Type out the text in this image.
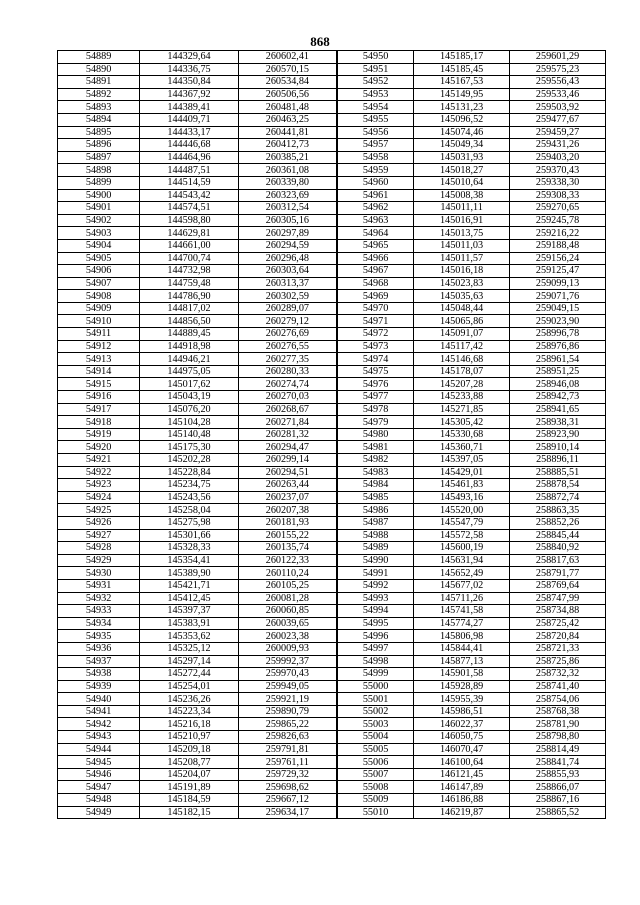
868
54889	144329,64	260602,41	54950	145185,17	259601,29
54890	144336,75	260570,15	54951	145185,45	259575,23
54891	144350,84	260534,84	54952	145167,53	259556,43
54892	144367,92	260506,56	54953	145149,95	259533,46
54893	144389,41	260481,48	54954	145131,23	259503,92
54894	144409,71	260463,25	54955	145096,52	259477,67
54895	144433,17	260441,81	54956	145074,46	259459,27
54896	144446,68	260412,73	54957	145049,34	259431,26
54897	144464,96	260385,21	54958	145031,93	259403,20
54898	144487,51	260361,08	54959	145018,27	259370,43
54899	144514,59	260339,80	54960	145010,64	259338,30
54900	144543,42	260323,69	54961	145008,38	259308,33
54901	144574,51	260312,54	54962	145011,11	259270,65
54902	144598,80	260305,16	54963	145016,91	259245,78
54903	144629,81	260297,89	54964	145013,75	259216,22
54904	144661,00	260294,59	54965	145011,03	259188,48
54905	144700,74	260296,48	54966	145011,57	259156,24
54906	144732,98	260303,64	54967	145016,18	259125,47
54907	144759,48	260313,37	54968	145023,83	259099,13
54908	144786,90	260302,59	54969	145035,63	259071,76
54909	144817,02	260289,07	54970	145048,44	259049,15
54910	144856,50	260279,12	54971	145065,86	259023,90
54911	144889,45	260276,69	54972	145091,07	258996,78
54912	144918,98	260276,55	54973	145117,42	258976,86
54913	144946,21	260277,35	54974	145146,68	258961,54
54914	144975,05	260280,33	54975	145178,07	258951,25
54915	145017,62	260274,74	54976	145207,28	258946,08
54916	145043,19	260270,03	54977	145233,88	258942,73
54917	145076,20	260268,67	54978	145271,85	258941,65
54918	145104,28	260271,84	54979	145305,42	258938,31
54919	145140,48	260281,32	54980	145330,68	258923,90
54920	145175,30	260294,47	54981	145360,71	258910,14
54921	145202,28	260299,14	54982	145397,05	258896,11
54922	145228,84	260294,51	54983	145429,01	258885,51
54923	145234,75	260263,44	54984	145461,83	258878,54
54924	145243,56	260237,07	54985	145493,16	258872,74
54925	145258,04	260207,38	54986	145520,00	258863,35
54926	145275,98	260181,93	54987	145547,79	258852,26
54927	145301,66	260155,22	54988	145572,58	258845,44
54928	145328,33	260135,74	54989	145600,19	258840,92
54929	145354,41	260122,33	54990	145631,94	258817,63
54930	145389,90	260110,24	54991	145652,49	258791,77
54931	145421,71	260105,25	54992	145677,02	258769,64
54932	145412,45	260081,28	54993	145711,26	258747,99
54933	145397,37	260060,85	54994	145741,58	258734,88
54934	145383,91	260039,65	54995	145774,27	258725,42
54935	145353,62	260023,38	54996	145806,98	258720,84
54936	145325,12	260009,93	54997	145844,41	258721,33
54937	145297,14	259992,37	54998	145877,13	258725,86
54938	145272,44	259970,43	54999	145901,58	258732,32
54939	145254,01	259949,05	55000	145928,89	258741,40
54940	145236,26	259921,19	55001	145955,39	258754,06
54941	145223,34	259890,79	55002	145986,51	258768,38
54942	145216,18	259865,22	55003	146022,37	258781,90
54943	145210,97	259826,63	55004	146050,75	258798,80
54944	145209,18	259791,81	55005	146070,47	258814,49
54945	145208,77	259761,11	55006	146100,64	258841,74
54946	145204,07	259729,32	55007	146121,45	258855,93
54947	145191,89	259698,62	55008	146147,89	258866,07
54948	145184,59	259667,12	55009	146186,88	258867,16
54949	145182,15	259634,17	55010	146219,87	258865,52
